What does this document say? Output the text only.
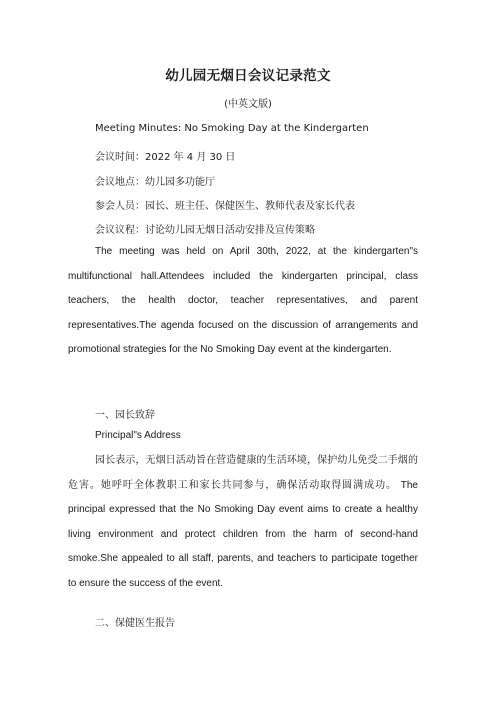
幼儿园无烟日会议记录范文
(中英文版)
Meeting Minutes: No Smoking Day at the Kindergarten
会议时间：2022 年 4 月 30 日
会议地点：幼儿园多功能厅
参会人员：园长、班主任、保健医生、教师代表及家长代表
会议议程：讨论幼儿园无烟日活动安排及宣传策略
The meeting was held on April 30th, 2022, at the kindergarten"s multifunctional hall.Attendees included the kindergarten principal, class teachers, the health doctor, teacher representatives, and parent representatives.The agenda focused on the discussion of arrangements and promotional strategies for the No Smoking Day event at the kindergarten.
一、园长致辞
Principal"s Address
园长表示，无烟日活动旨在营造健康的生活环境，保护幼儿免受二手烟的危害。她呼吁全体教职工和家长共同参与，确保活动取得圆满成功。 The principal expressed that the No Smoking Day event aims to create a healthy living environment and protect children from the harm of second-hand smoke.She appealed to all staff, parents, and teachers to participate together to ensure the success of the event.
二、保健医生报告
